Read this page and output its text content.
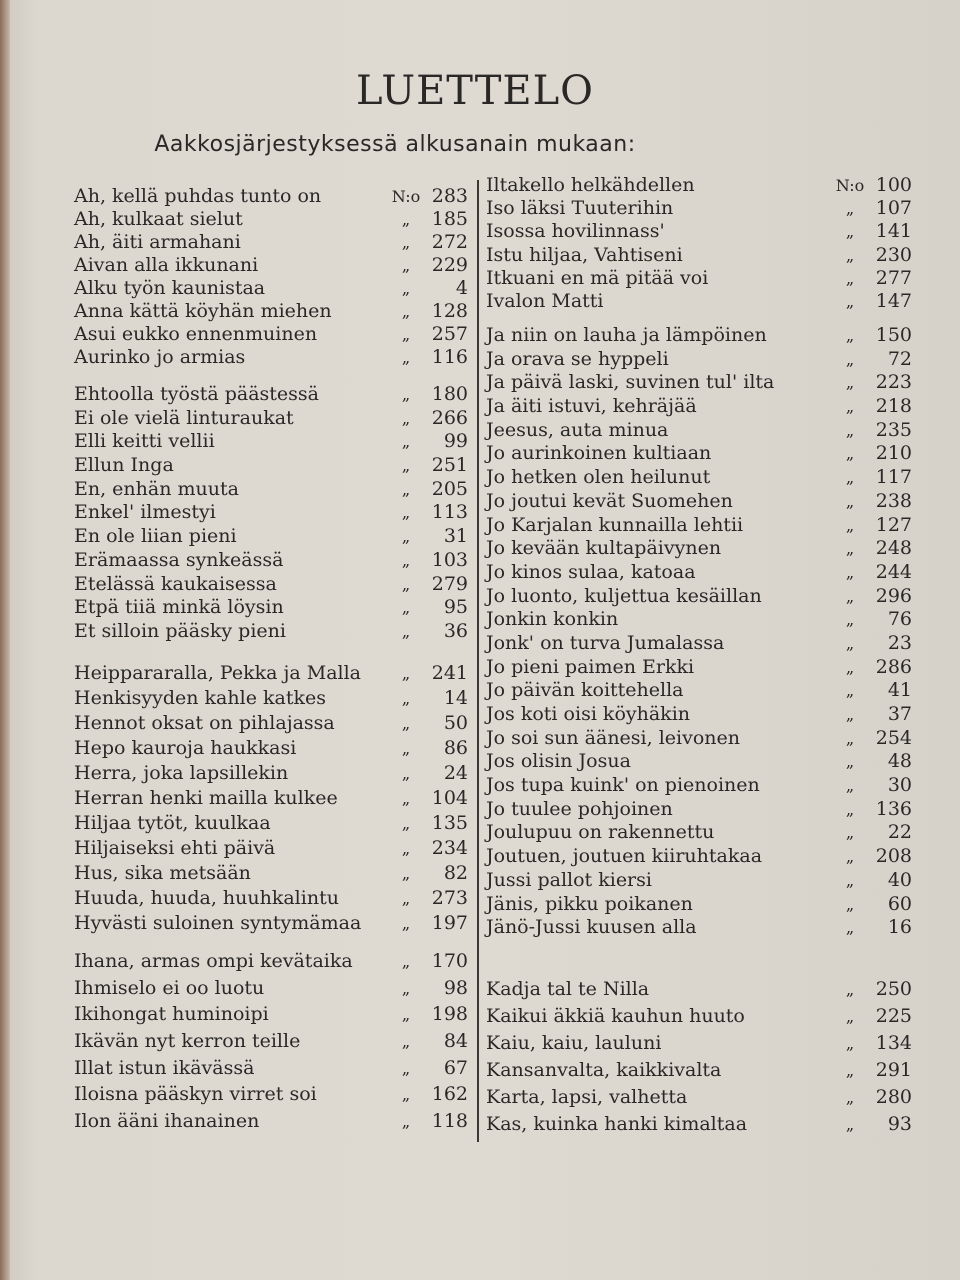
LUETTELO
Aakkosjärjestyksessä alkusanain mukaan:
Ah, kellä puhdas tunto on	N:o 283
Ah, kulkaat sielut	„	185
Ah, äiti armahani	„	272
Aivan alla ikkunani	„	229
Alku työn kaunistaa	„	4
Anna kättä köyhän miehen	„	128
Asui eukko ennenmuinen	„	257
Aurinko jo armias	„	116
Ehtoolla työstä päästessä	„	180
Ei ole vielä linturaukat	„	266
Elli keitti vellii	„	99
Ellun Inga	„	251
En, enhän muuta	„	205
Enkel' ilmestyi	„	113
En ole liian pieni	„	31
Erämaassa synkeässä	„	103
Etelässä kaukaisessa	„	279
Etpä tiiä minkä löysin	„	95
Et silloin pääsky pieni	„	36
Heippararalla, Pekka ja Malla	„	241
Henkisyyden kahle katkes	„	14
Hennot oksat on pihlajassa	„	50
Hepo kauroja haukkasi	„	86
Herra, joka lapsillekin	„	24
Herran henki mailla kulkee	„	104
Hiljaa tytöt, kuulkaa	„	135
Hiljaiseksi ehti päivä	„	234
Hus, sika metsään	„	82
Huuda, huuda, huuhkalintu	„	273
Hyvästi suloinen syntymämaa	„	197
Ihana, armas ompi kevätaika	„	170
Ihmiselo ei oo luotu	„	98
Ikihongat huminoipi	„	198
Ikävän nyt kerron teille	„	84
Illat istun ikävässä	„	67
Iloisna pääskyn virret soi	„	162
Ilon ääni ihanainen	„	118
Iltakello helkähdellen	N:o 100
Iso läksi Tuuterihin	„	107
Isossa hovilinnass'	„	141
Istu hiljaa, Vahtiseni	„	230
Itkuani en mä pitää voi	„	277
Ivalon Matti	„	147
Ja niin on lauha ja lämpöinen	„	150
Ja orava se hyppeli	„	72
Ja päivä laski, suvinen tul' ilta	„	223
Ja äiti istuvi, kehräjää	„	218
Jeesus, auta minua	„	235
Jo aurinkoinen kultiaan	„	210
Jo hetken olen heilunut	„	117
Jo joutui kevät Suomehen	„	238
Jo Karjalan kunnailla lehtii	„	127
Jo kevään kultapäivynen	„	248
Jo kinos sulaa, katoaa	„	244
Jo luonto, kuljettua kesäillan	„	296
Jonkin konkin	„	76
Jonk' on turva Jumalassa	„	23
Jo pieni paimen Erkki	„	286
Jo päivän koittehella	„	41
Jos koti oisi köyhäkin	„	37
Jo soi sun äänesi, leivonen	„	254
Jos olisin Josua	„	48
Jos tupa kuink' on pienoinen	„	30
Jo tuulee pohjoinen	„	136
Joulupuu on rakennettu	„	22
Joutuen, joutuen kiiruhtakaa	„	208
Jussi pallot kiersi	„	40
Jänis, pikku poikanen	„	60
Jänö-Jussi kuusen alla	„	16
Kadja tal te Nilla	„	250
Kaikui äkkiä kauhun huuto	„	225
Kaiu, kaiu, lauluni	„	134
Kansanvalta, kaikkivalta	„	291
Karta, lapsi, valhetta	„	280
Kas, kuinka hanki kimaltaa	„	93
